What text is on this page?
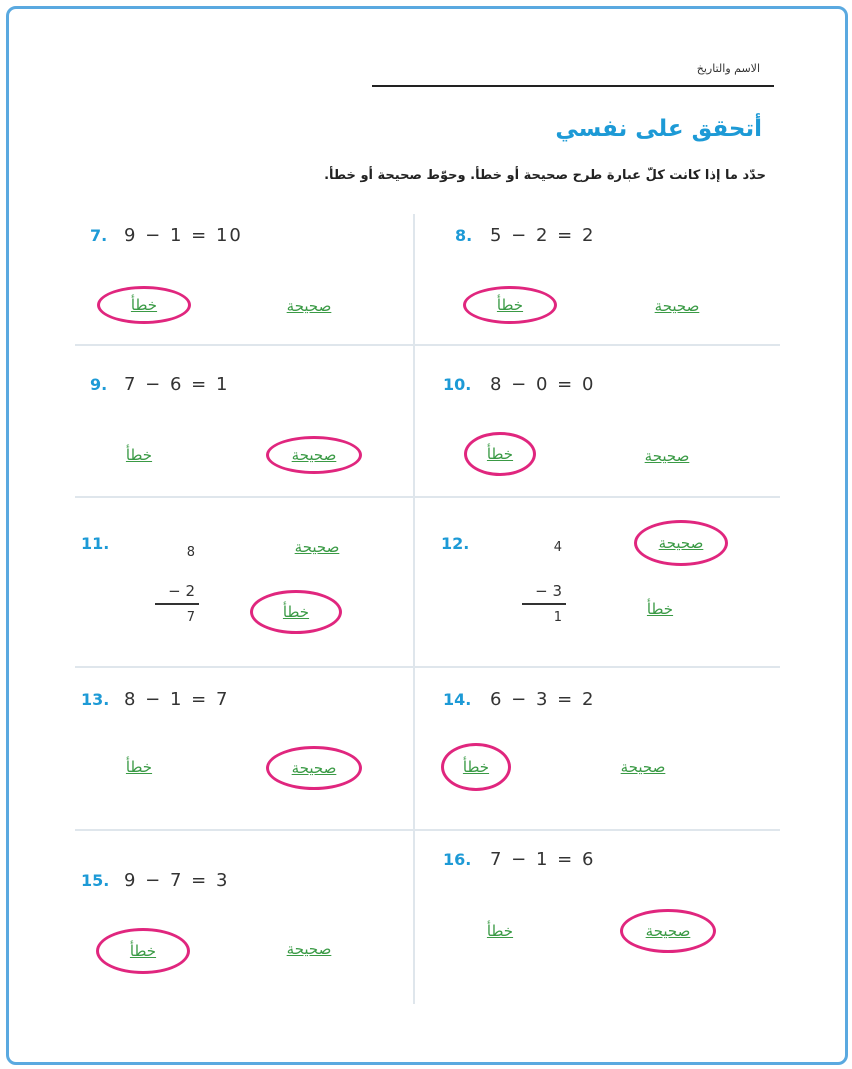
الاسم والتاريخ
أتحقق على نفسي
حدّد ما إذا كانت كلّ عبارة طرح صحيحة أو خطأ. وحوّط صحيحة أو خطأ.
7. 9 − 1 = 10
خطأ	صحيحة
8. 5 − 2 = 2
خطأ	صحيحة
9. 7 − 6 = 1
خطأ	صحيحة
10. 8 − 0 = 0
خطأ	صحيحة
11.	8
− 2
7
صحيحة
خطأ
12.	4
− 3
1
صحيحة
خطأ
13. 8 − 1 = 7
خطأ	صحيحة
14. 6 − 3 = 2
خطأ	صحيحة
15. 9 − 7 = 3
خطأ	صحيحة
16. 7 − 1 = 6
خطأ	صحيحة
